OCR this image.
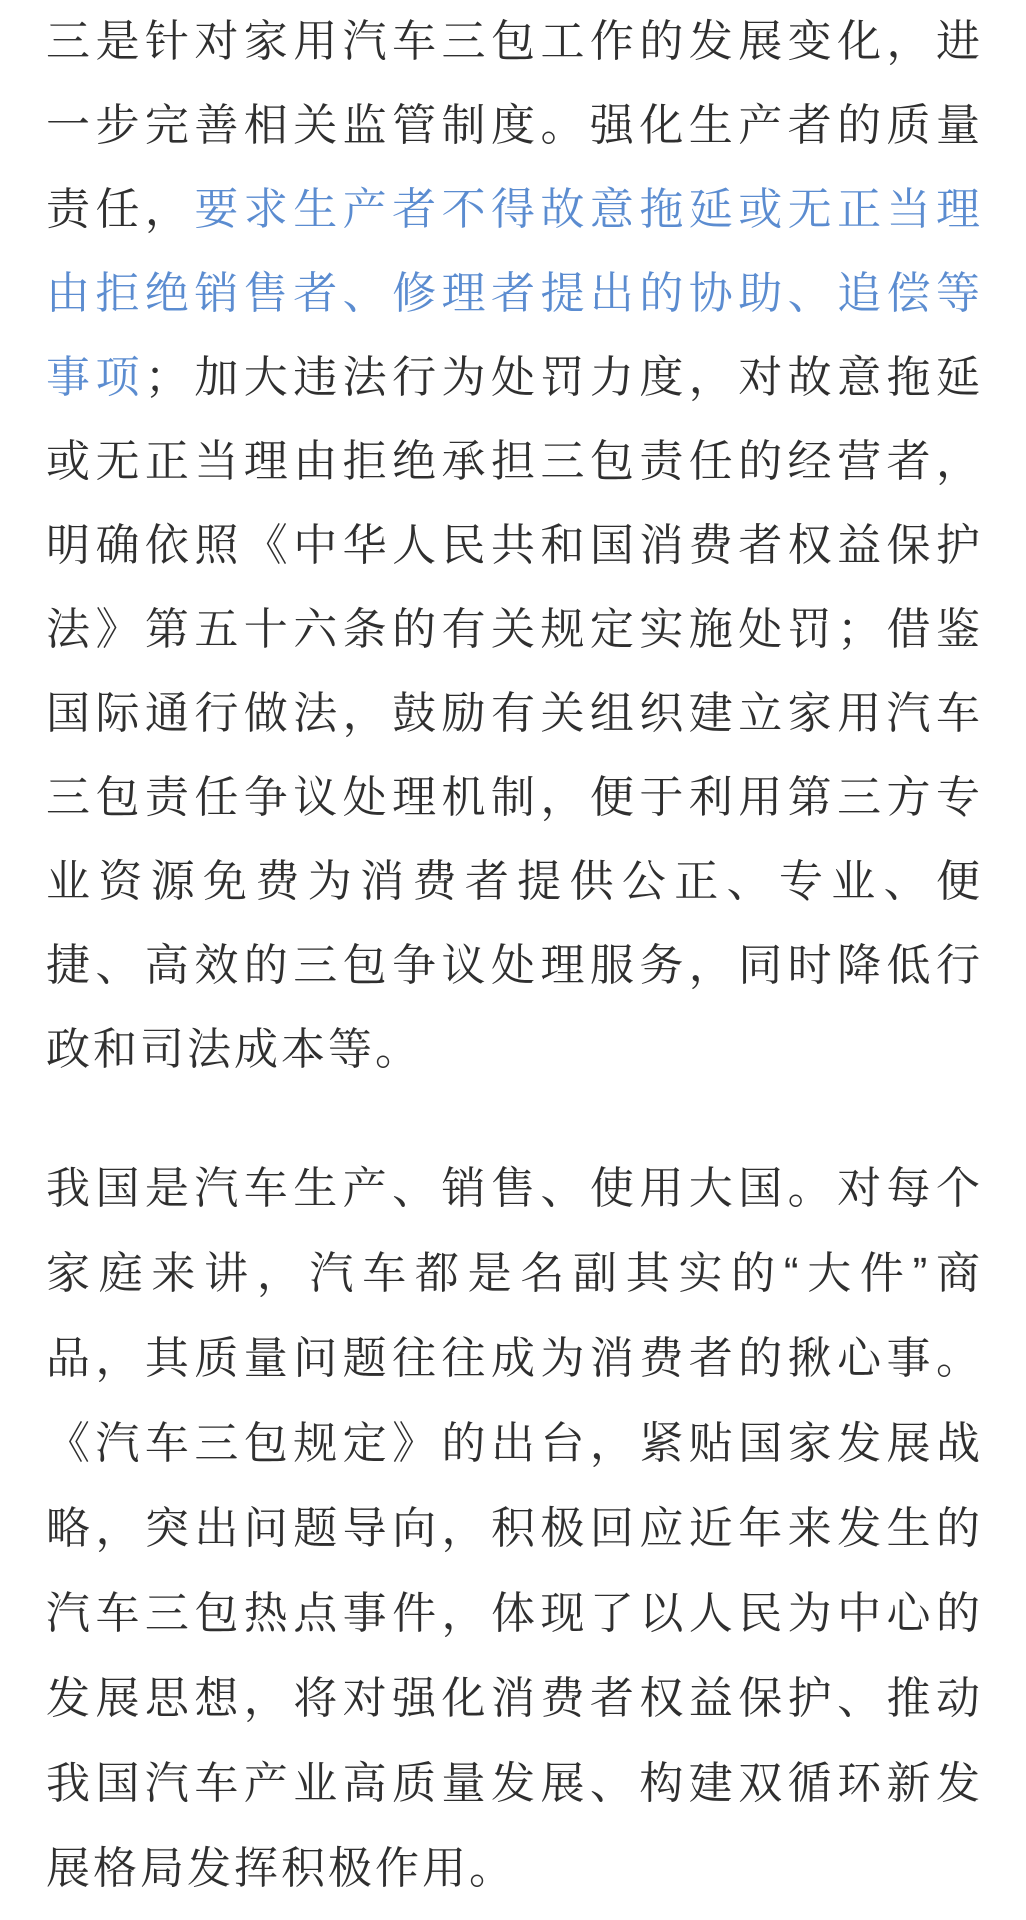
三是针对家用汽车三包工作的发展变化，进
一步完善相关监管制度。强化生产者的质量
责任，要求生产者不得故意拖延或无正当理
由拒绝销售者、修理者提出的协助、追偿等
事项；加大违法行为处罚力度，对故意拖延
或无正当理由拒绝承担三包责任的经营者，
明确依照《中华人民共和国消费者权益保护
法》第五十六条的有关规定实施处罚；借鉴
国际通行做法，鼓励有关组织建立家用汽车
三包责任争议处理机制，便于利用第三方专
业资源免费为消费者提供公正、专业、便
捷、高效的三包争议处理服务，同时降低行
政和司法成本等。
我国是汽车生产、销售、使用大国。对每个
家庭来讲，汽车都是名副其实的“大件”商
品，其质量问题往往成为消费者的揪心事。
《汽车三包规定》的出台，紧贴国家发展战
略，突出问题导向，积极回应近年来发生的
汽车三包热点事件，体现了以人民为中心的
发展思想，将对强化消费者权益保护、推动
我国汽车产业高质量发展、构建双循环新发
展格局发挥积极作用。
